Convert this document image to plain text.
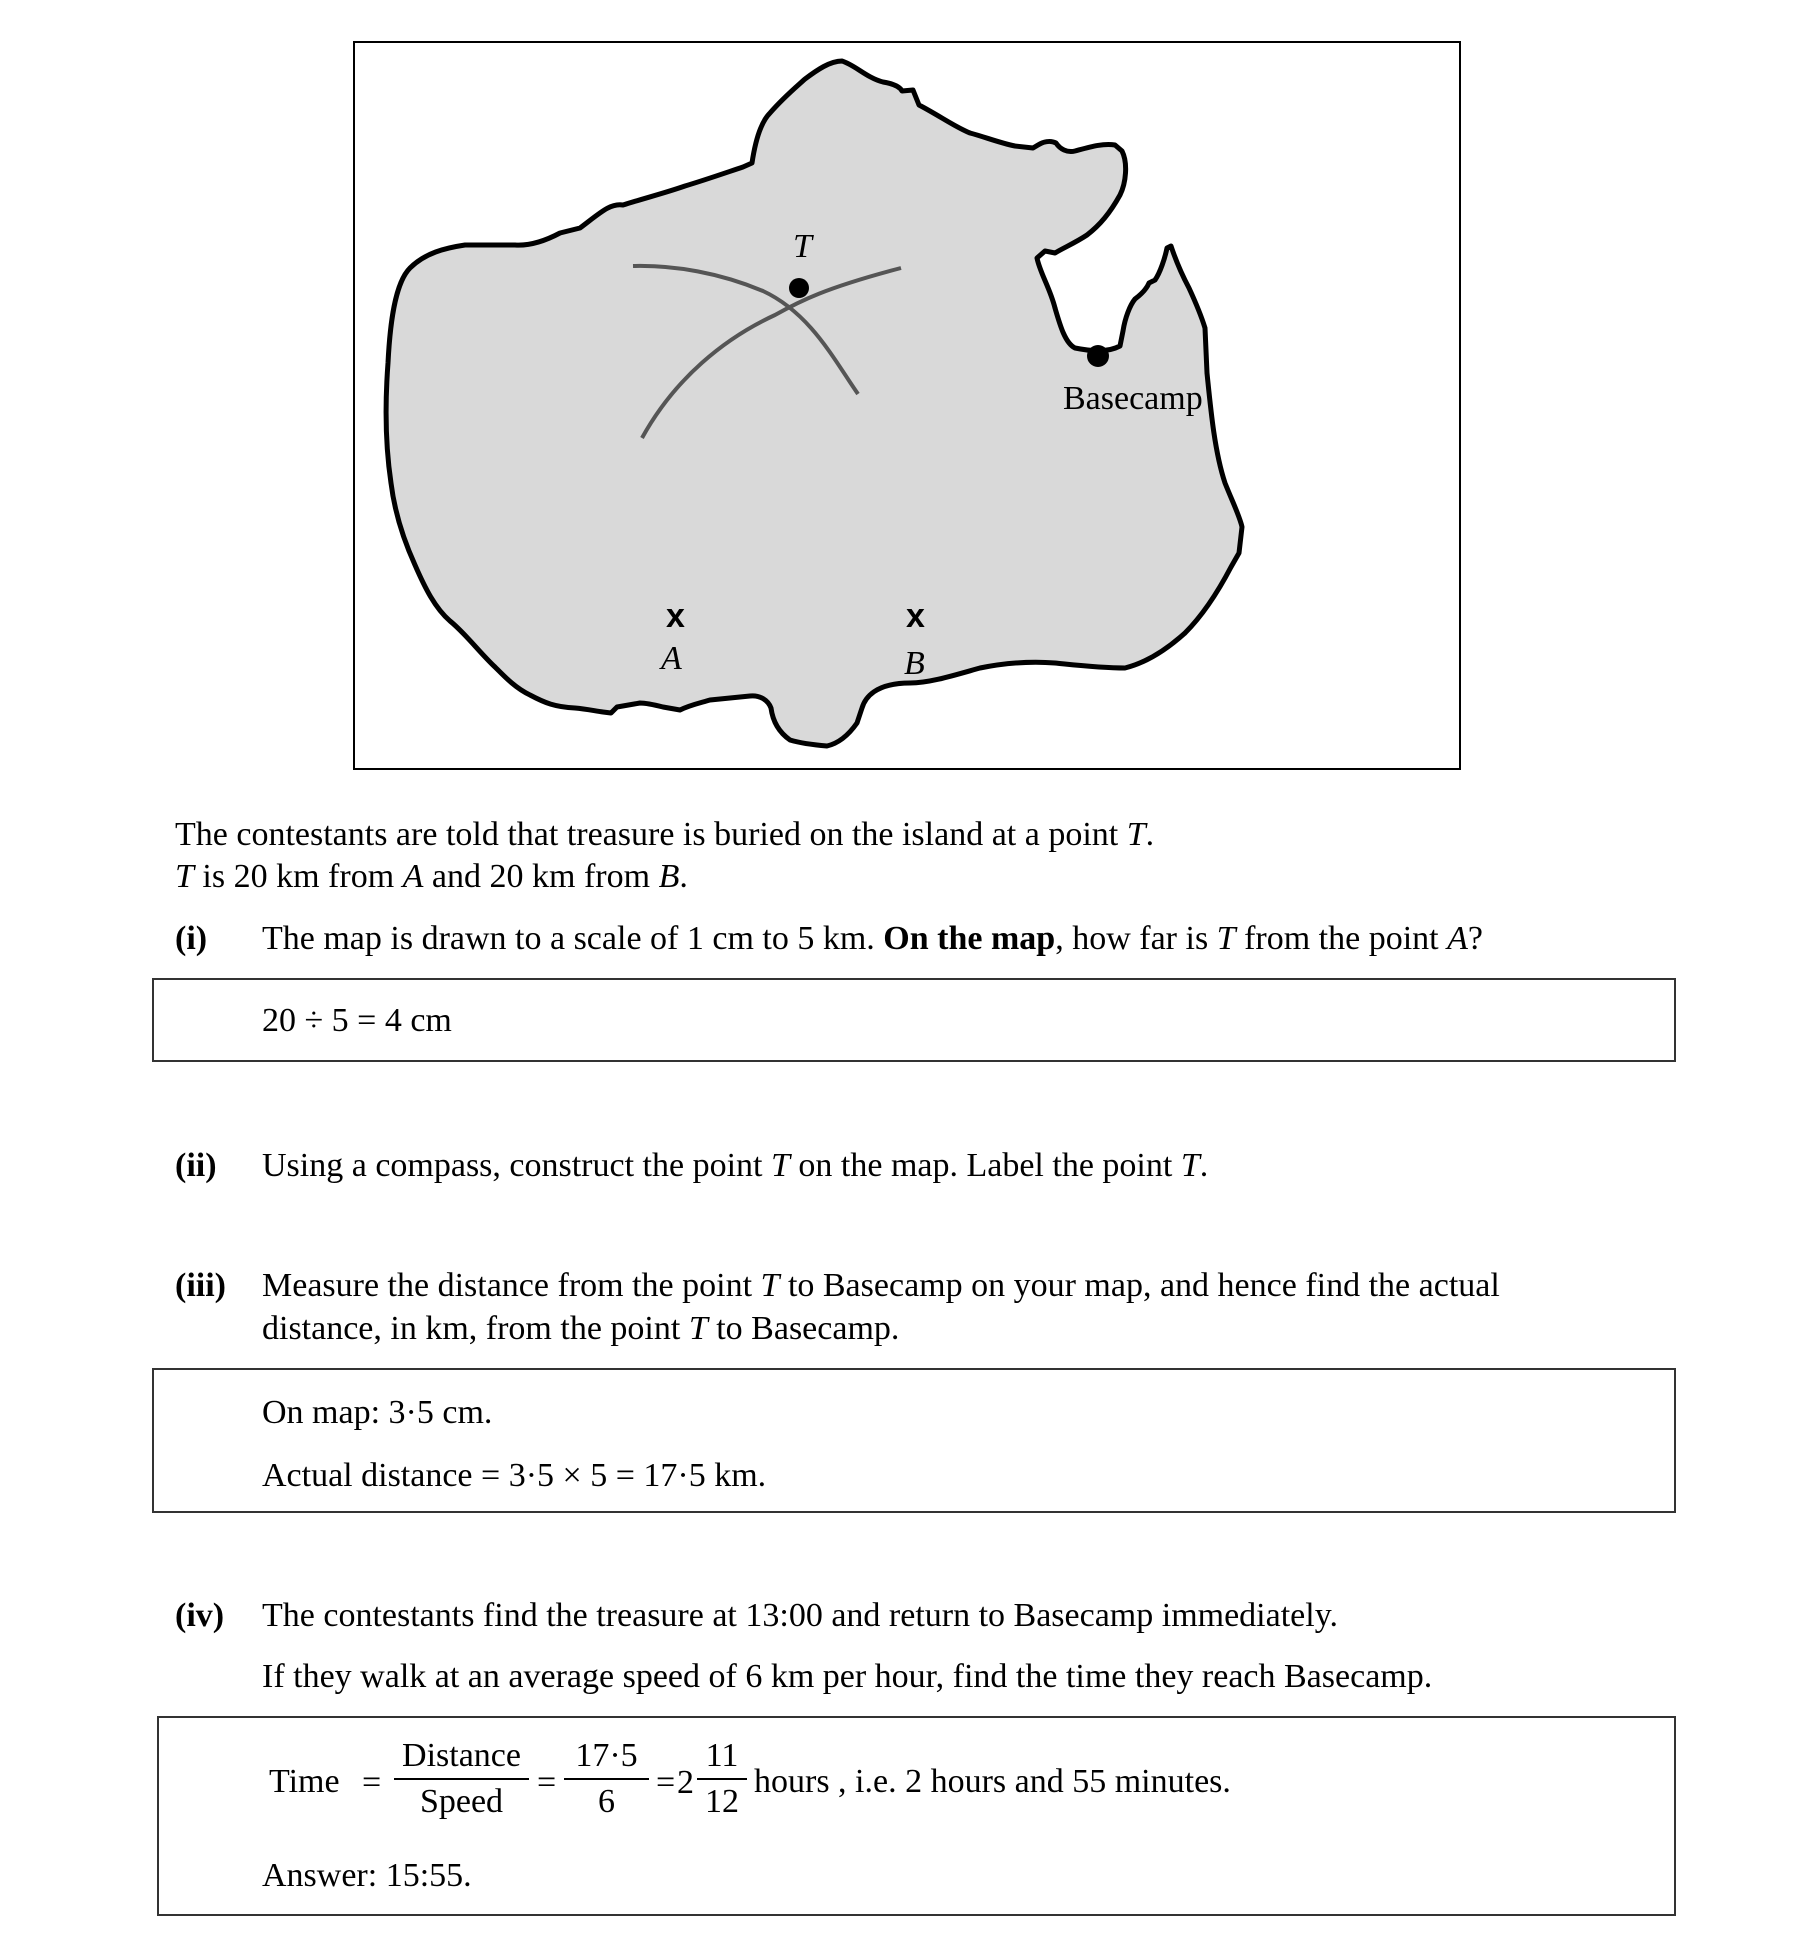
T
Basecamp
x
A
x
B
The contestants are told that treasure is buried on the island at a point T.
T is 20 km from A and 20 km from B.
(i) The map is drawn to a scale of 1 cm to 5 km. On the map, how far is T from the point A?
20 ÷ 5 = 4 cm
(ii) Using a compass, construct the point T on the map. Label the point T.
(iii) Measure the distance from the point T to Basecamp on your map, and hence find the actual
distance, in km, from the point T to Basecamp.
On map: 3·5 cm.
Actual distance = 3·5 × 5 = 17·5 km.
(iv) The contestants find the treasure at 13:00 and return to Basecamp immediately.
If they walk at an average speed of 6 km per hour, find the time they reach Basecamp.
Time =
Distance
Speed
=
17·5
6
= 2
11
12
hours , i.e. 2 hours and 55 minutes.
Answer: 15:55.
